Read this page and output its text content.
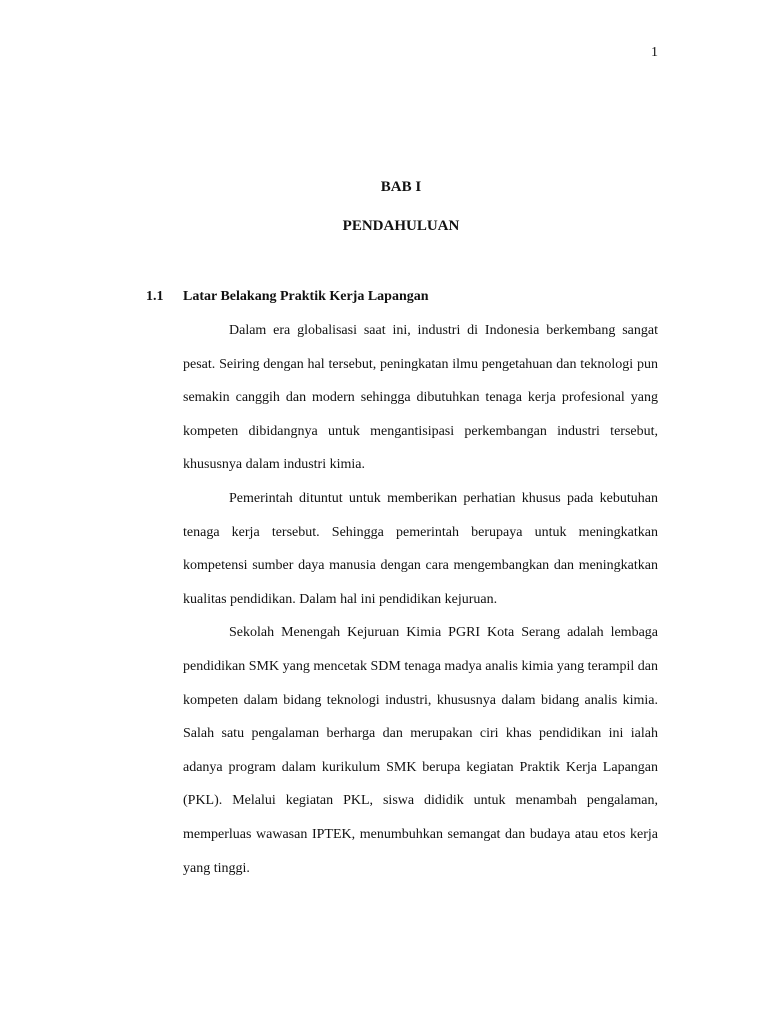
1
BAB I
PENDAHULUAN
1.1 Latar Belakang Praktik Kerja Lapangan

Dalam era globalisasi saat ini, industri di Indonesia berkembang sangat pesat. Seiring dengan hal tersebut, peningkatan ilmu pengetahuan dan teknologi pun semakin canggih dan modern sehingga dibutuhkan tenaga kerja profesional yang kompeten dibidangnya untuk mengantisipasi perkembangan industri tersebut, khususnya dalam industri kimia.

Pemerintah dituntut untuk memberikan perhatian khusus pada kebutuhan tenaga kerja tersebut. Sehingga pemerintah berupaya untuk meningkatkan kompetensi sumber daya manusia dengan cara mengembangkan dan meningkatkan kualitas pendidikan. Dalam hal ini pendidikan kejuruan.

Sekolah Menengah Kejuruan Kimia PGRI Kota Serang adalah lembaga pendidikan SMK yang mencetak SDM tenaga madya analis kimia yang terampil dan kompeten dalam bidang teknologi industri, khususnya dalam bidang analis kimia. Salah satu pengalaman berharga dan merupakan ciri khas pendidikan ini ialah adanya program dalam kurikulum SMK berupa kegiatan Praktik Kerja Lapangan (PKL). Melalui kegiatan PKL, siswa dididik untuk menambah pengalaman, memperluas wawasan IPTEK, menumbuhkan semangat dan budaya atau etos kerja yang tinggi.
